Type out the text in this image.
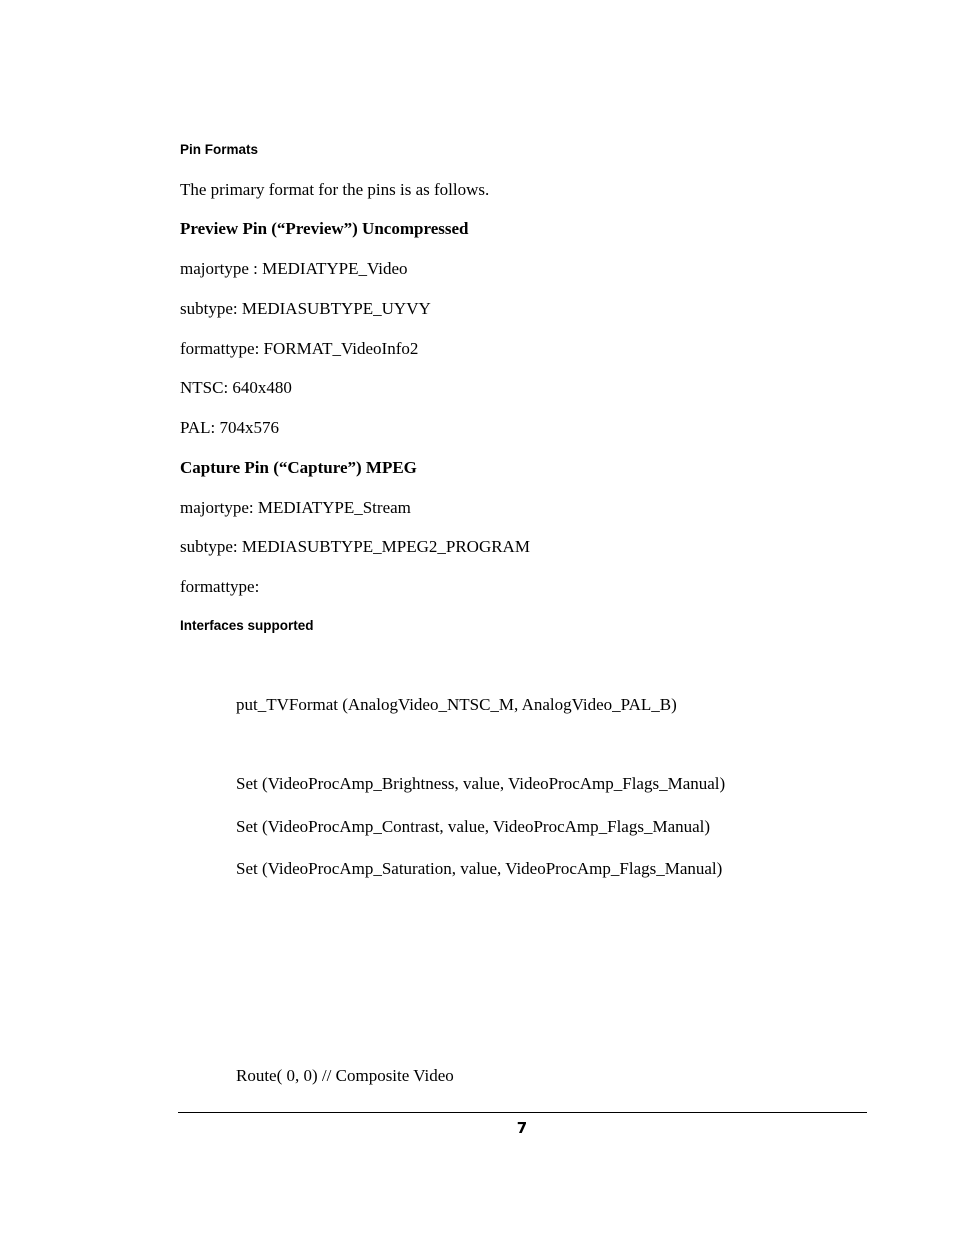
Pin Formats
The primary format for the pins is as follows.
Preview Pin (“Preview”) Uncompressed
majortype : MEDIATYPE_Video
subtype: MEDIASUBTYPE_UYVY
formattype: FORMAT_VideoInfo2
NTSC: 640x480
PAL: 704x576
Capture Pin (“Capture”) MPEG
majortype: MEDIATYPE_Stream
subtype: MEDIASUBTYPE_MPEG2_PROGRAM
formattype:
Interfaces supported
put_TVFormat (AnalogVideo_NTSC_M, AnalogVideo_PAL_B)
Set (VideoProcAmp_Brightness, value, VideoProcAmp_Flags_Manual)
Set (VideoProcAmp_Contrast, value, VideoProcAmp_Flags_Manual)
Set (VideoProcAmp_Saturation, value, VideoProcAmp_Flags_Manual)
Route( 0, 0) // Composite Video
7
